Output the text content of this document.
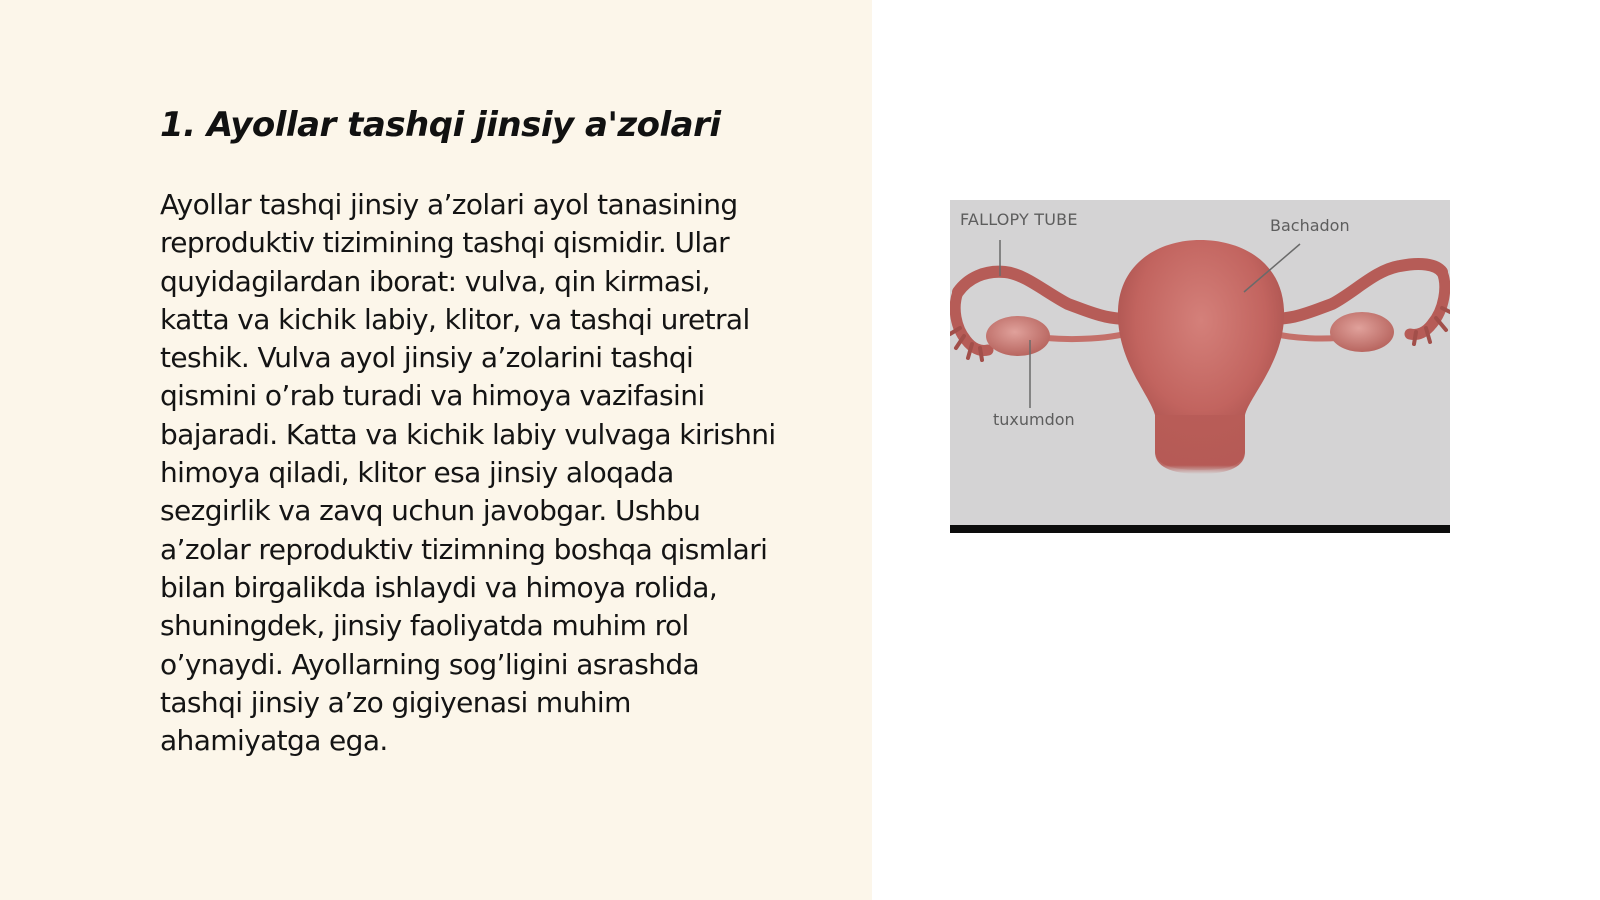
1. Ayollar tashqi jinsiy a'zolari

Ayollar tashqi jinsiy a’zolari ayol tanasining
reproduktiv tizimining tashqi qismidir. Ular
quyidagilardan iborat: vulva, qin kirmasi,
katta va kichik labiy, klitor, va tashqi uretral
teshik. Vulva ayol jinsiy a’zolarini tashqi
qismini o’rab turadi va himoya vazifasini
bajaradi. Katta va kichik labiy vulvaga kirishni
himoya qiladi, klitor esa jinsiy aloqada
sezgirlik va zavq uchun javobgar. Ushbu
a’zolar reproduktiv tizimning boshqa qismlari
bilan birgalikda ishlaydi va himoya rolida,
shuningdek, jinsiy faoliyatda muhim rol
o’ynaydi. Ayollarning sog’ligini asrashda
tashqi jinsiy a’zo gigiyenasi muhim
ahamiyatga ega.

FALLOPY TUBE	Bachadon
tuxumdon
